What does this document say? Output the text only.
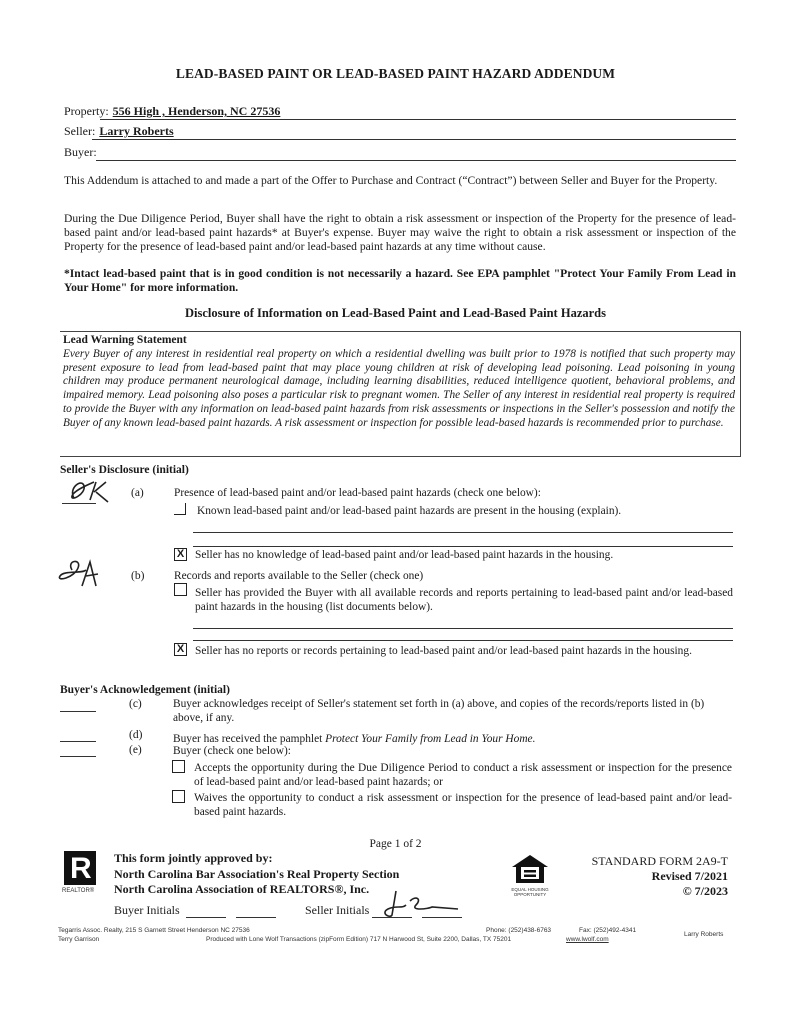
LEAD-BASED PAINT OR LEAD-BASED PAINT HAZARD ADDENDUM
Property: 556 High , Henderson, NC 27536
Seller: Larry Roberts
Buyer:
This Addendum is attached to and made a part of the Offer to Purchase and Contract (“Contract”) between Seller and Buyer for the Property.
During the Due Diligence Period, Buyer shall have the right to obtain a risk assessment or inspection of the Property for the presence of lead-based paint and/or lead-based paint hazards* at Buyer's expense. Buyer may waive the right to obtain a risk assessment or inspection of the Property for the presence of lead-based paint and/or lead-based paint hazards at any time without cause.
*Intact lead-based paint that is in good condition is not necessarily a hazard. See EPA pamphlet "Protect Your Family From Lead in Your Home" for more information.
Disclosure of Information on Lead-Based Paint and Lead-Based Paint Hazards
Lead Warning Statement
Every Buyer of any interest in residential real property on which a residential dwelling was built prior to 1978 is notified that such property may present exposure to lead from lead-based paint that may place young children at risk of developing lead poisoning. Lead poisoning in young children may produce permanent neurological damage, including learning disabilities, reduced intelligence quotient, behavioral problems, and impaired memory. Lead poisoning also poses a particular risk to pregnant women. The Seller of any interest in residential real property is required to provide the Buyer with any information on lead-based paint hazards from risk assessments or inspections in the Seller's possession and notify the Buyer of any known lead-based paint hazards. A risk assessment or inspection for possible lead-based hazards is recommended prior to purchase.
Seller's Disclosure (initial)
(a)	Presence of lead-based paint and/or lead-based paint hazards (check one below):
Known lead-based paint and/or lead-based paint hazards are present in the housing (explain).
X Seller has no knowledge of lead-based paint and/or lead-based paint hazards in the housing.
(b)	Records and reports available to the Seller (check one)
Seller has provided the Buyer with all available records and reports pertaining to lead-based paint and/or lead-based paint hazards in the housing (list documents below).
X Seller has no reports or records pertaining to lead-based paint and/or lead-based paint hazards in the housing.
Buyer's Acknowledgement (initial)
(c)	Buyer acknowledges receipt of Seller's statement set forth in (a) above, and copies of the records/reports listed in (b) above, if any.
(d)	Buyer has received the pamphlet Protect Your Family from Lead in Your Home.
(e)	Buyer (check one below):
Accepts the opportunity during the Due Diligence Period to conduct a risk assessment or inspection for the presence of lead-based paint and/or lead-based paint hazards; or
Waives the opportunity to conduct a risk assessment or inspection for the presence of lead-based paint and/or lead-based paint hazards.
Page 1 of 2
R
REALTOR®
This form jointly approved by:
North Carolina Bar Association's Real Property Section
North Carolina Association of REALTORS®, Inc.
Buyer Initials	Seller Initials
EQUAL HOUSING
OPPORTUNITY
STANDARD FORM 2A9-T
Revised 7/2021
© 7/2023
Tegarris Assoc. Realty, 215 S Garnett Street Henderson NC 27536
Terry Garrison	Produced with Lone Wolf Transactions (zipForm Edition) 717 N Harwood St, Suite 2200, Dallas, TX 75201
Phone: (252)438-6763	Fax: (252)492-4341
www.lwolf.com
Larry Roberts
